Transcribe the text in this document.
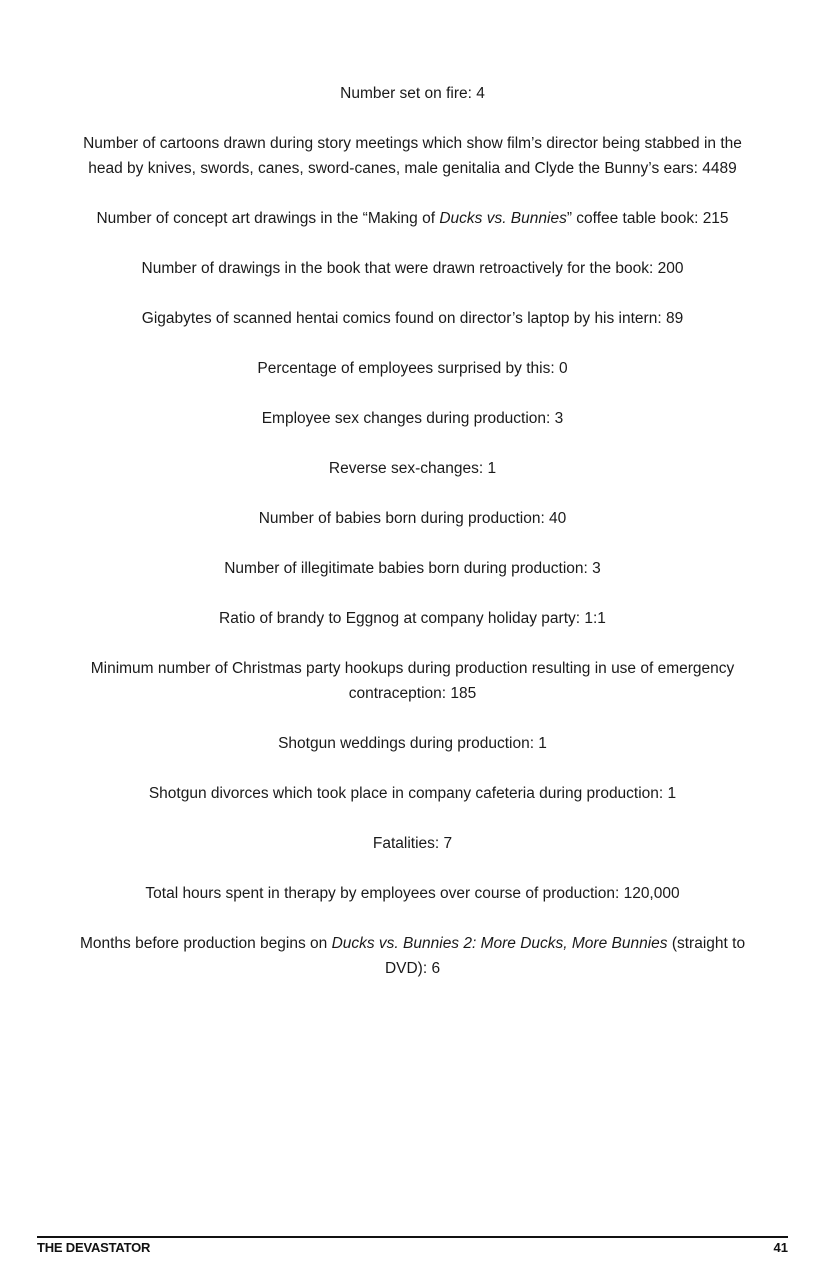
Number set on fire: 4

Number of cartoons drawn during story meetings which show film’s director being stabbed in the head by knives, swords, canes, sword-canes, male genitalia and Clyde the Bunny’s ears: 4489

Number of concept art drawings in the “Making of Ducks vs. Bunnies” coffee table book: 215

Number of drawings in the book that were drawn retroactively for the book: 200

Gigabytes of scanned hentai comics found on director’s laptop by his intern: 89

Percentage of employees surprised by this: 0

Employee sex changes during production: 3

Reverse sex-changes: 1

Number of babies born during production: 40

Number of illegitimate babies born during production: 3

Ratio of brandy to Eggnog at company holiday party: 1:1

Minimum number of Christmas party hookups during production resulting in use of emergency contraception: 185

Shotgun weddings during production: 1

Shotgun divorces which took place in company cafeteria during production: 1

Fatalities: 7

Total hours spent in therapy by employees over course of production: 120,000

Months before production begins on Ducks vs. Bunnies 2: More Ducks, More Bunnies (straight to DVD): 6

THE DEVASTATOR	41
